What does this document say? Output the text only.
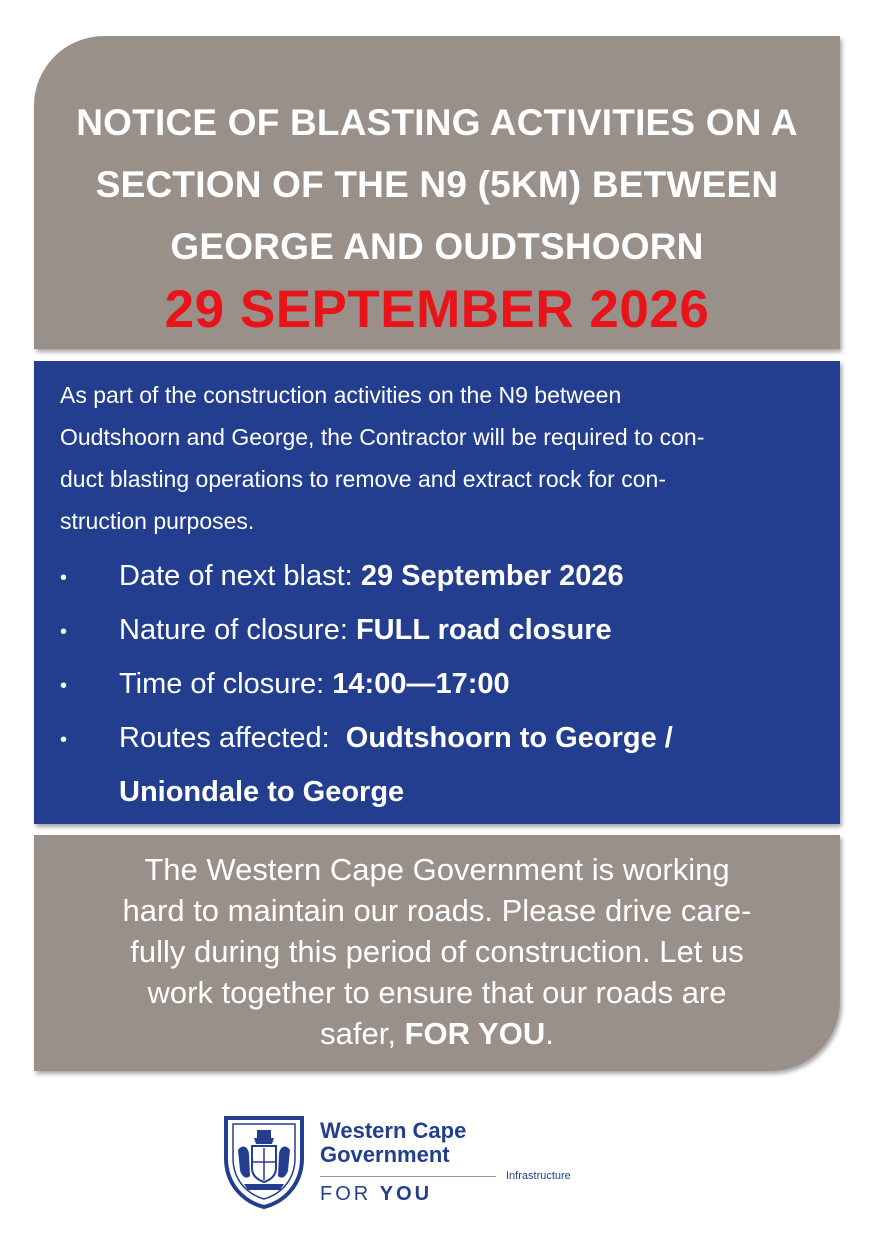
NOTICE OF BLASTING ACTIVITIES ON A
SECTION OF THE N9 (5KM) BETWEEN
GEORGE AND OUDTSHOORN
29 SEPTEMBER 2026

As part of the construction activities on the N9 between
Oudtshoorn and George, the Contractor will be required to con-
duct blasting operations to remove and extract rock for con-
struction purposes.

• Date of next blast: 29 September 2026
• Nature of closure: FULL road closure
• Time of closure: 14:00—17:00
• Routes affected:  Oudtshoorn to George /
Uniondale to George

The Western Cape Government is working
hard to maintain our roads. Please drive care-
fully during this period of construction. Let us
work together to ensure that our roads are
safer, FOR YOU.

Western Cape
Government
FOR YOU
Infrastructure
